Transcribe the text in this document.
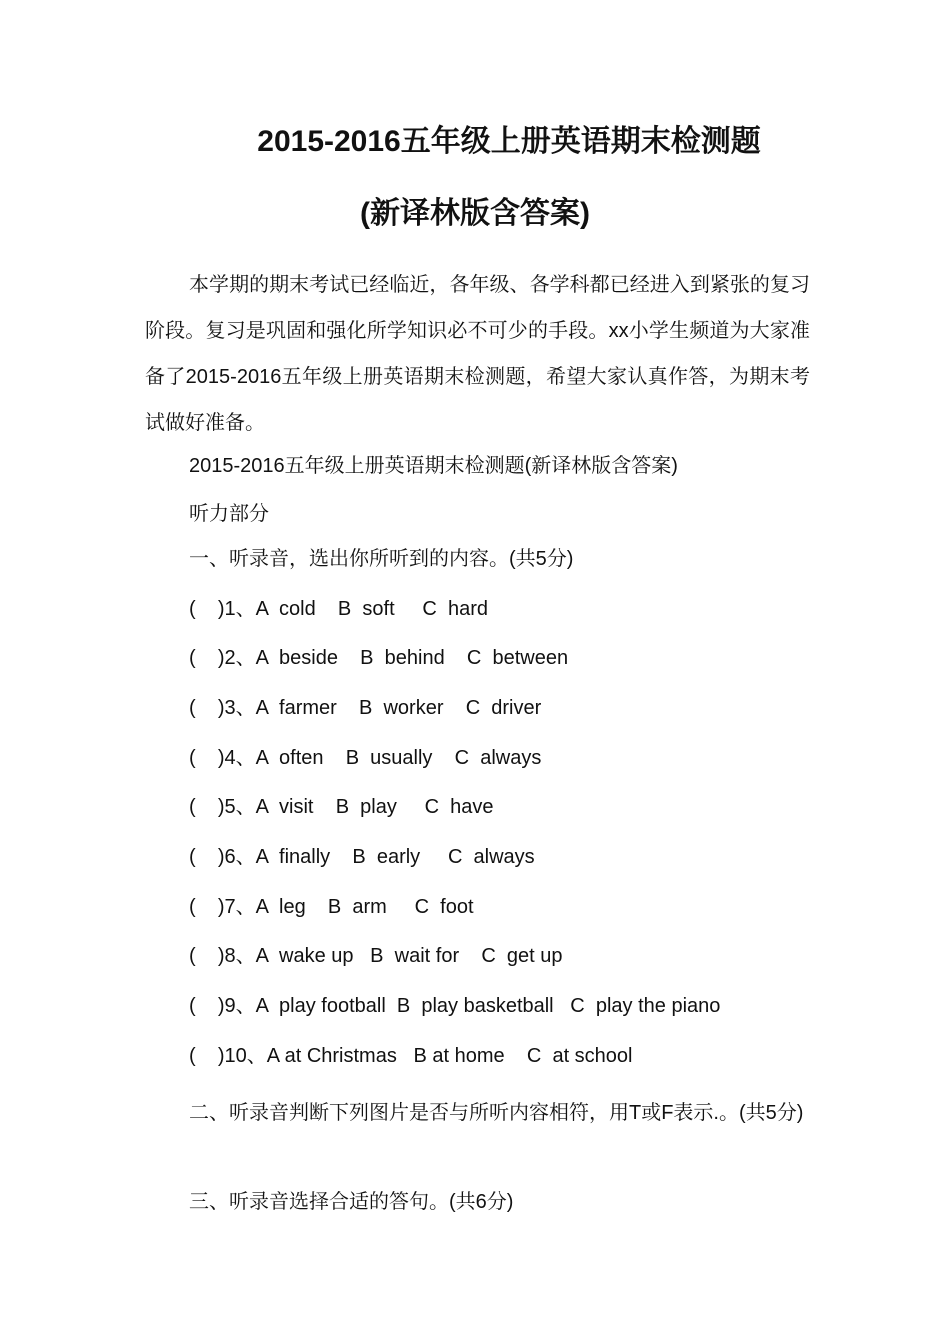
2015-2016五年级上册英语期末检测题
(新译林版含答案)
本学期的期末考试已经临近，各年级、各学科都已经进入到紧张的复习阶段。复习是巩固和强化所学知识必不可少的手段。xx小学生频道为大家准备了2015-2016五年级上册英语期末检测题，希望大家认真作答，为期末考试做好准备。
2015-2016五年级上册英语期末检测题(新译林版含答案)
听力部分
一、听录音，选出你所听到的内容。(共5分)
(    )1、A  cold    B  soft     C  hard
(    )2、A  beside    B  behind    C  between
(    )3、A  farmer    B  worker    C  driver
(    )4、A  often    B  usually    C  always
(    )5、A  visit    B  play     C  have
(    )6、A  finally    B  early     C  always
(    )7、A  leg    B  arm     C  foot
(    )8、A  wake up   B  wait for    C  get up
(    )9、A  play football  B  play basketball   C  play the piano
(    )10、A at Christmas   B at home    C  at school
二、听录音判断下列图片是否与所听内容相符，用T或F表示.。(共5分)
三、听录音选择合适的答句。(共6分)
